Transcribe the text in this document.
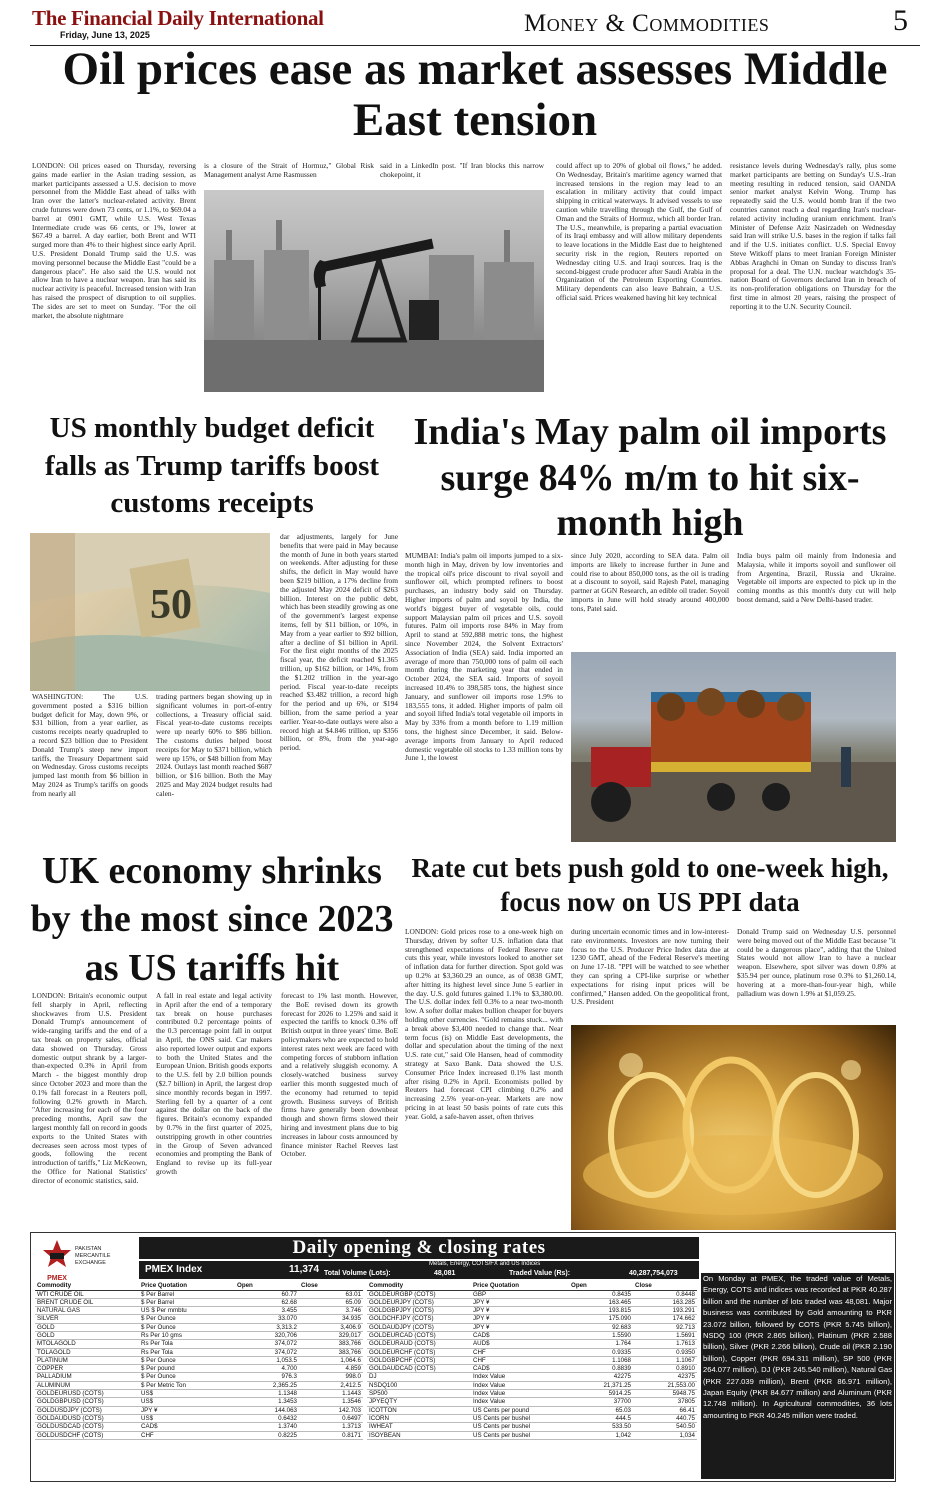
The Financial Daily International
Friday, June 13, 2025	Money & Commodities	5
Oil prices ease as market assesses Middle East tension
LONDON: Oil prices eased on Thursday, reversing gains made earlier in the Asian trading session, as market participants assessed a U.S. decision to move personnel from the Middle East ahead of talks with Iran over the latter's nuclear-related activity. Brent crude futures were down 73 cents, or 1.1%, to $69.04 a barrel at 0901 GMT, while U.S. West Texas Intermediate crude was 66 cents, or 1%, lower at $67.49 a barrel. A day earlier, both Brent and WTI surged more than 4% to their highest since early April. U.S. President Donald Trump said the U.S. was moving personnel because the Middle East "could be a dangerous place". He also said the U.S. would not allow Iran to have a nuclear weapon. Iran has said its nuclear activity is peaceful. Increased tension with Iran has raised the prospect of disruption to oil supplies. The sides are set to meet on Sunday. "For the oil market, the absolute nightmare
is a closure of the Strait of Hormuz," Global Risk Management analyst Arne Rasmussen
said in a LinkedIn post. "If Iran blocks this narrow chokepoint, it
could affect up to 20% of global oil flows," he added. On Wednesday, Britain's maritime agency warned that increased tensions in the region may lead to an escalation in military activity that could impact shipping in critical waterways. It advised vessels to use caution while travelling through the Gulf, the Gulf of Oman and the Straits of Hormuz, which all border Iran. The U.S., meanwhile, is preparing a partial evacuation of its Iraqi embassy and will allow military dependents to leave locations in the Middle East due to heightened security risk in the region, Reuters reported on Wednesday citing U.S. and Iraqi sources. Iraq is the second-biggest crude producer after Saudi Arabia in the Organization of the Petroleum Exporting Countries. Military dependents can also leave Bahrain, a U.S. official said. Prices weakened having hit key technical
resistance levels during Wednesday's rally, plus some market participants are betting on Sunday's U.S.-Iran meeting resulting in reduced tension, said OANDA senior market analyst Kelvin Wong. Trump has repeatedly said the U.S. would bomb Iran if the two countries cannot reach a deal regarding Iran's nuclear-related activity including uranium enrichment. Iran's Minister of Defense Aziz Nasirzadeh on Wednesday said Iran will strike U.S. bases in the region if talks fail and if the U.S. initiates conflict. U.S. Special Envoy Steve Witkoff plans to meet Iranian Foreign Minister Abbas Araghchi in Oman on Sunday to discuss Iran's proposal for a deal. The U.N. nuclear watchdog's 35-nation Board of Governors declared Iran in breach of its non-proliferation obligations on Thursday for the first time in almost 20 years, raising the prospect of reporting it to the U.N. Security Council.
US monthly budget deficit falls as Trump tariffs boost customs receipts
50
dar adjustments, largely for June benefits that were paid in May because the month of June in both years started on weekends. After adjusting for these shifts, the deficit in May would have been $219 billion, a 17% decline from the adjusted May 2024 deficit of $263 billion. Interest on the public debt, which has been steadily growing as one of the government's largest expense items, fell by $11 billion, or 10%, in May from a year earlier to $92 billion, after a decline of $1 billion in April. For the first eight months of the 2025 fiscal year, the deficit reached $1.365 trillion, up $162 billion, or 14%, from the $1.202 trillion in the year-ago period. Fiscal year-to-date receipts reached $3.482 trillion, a record high for the period and up 6%, or $194 billion, from the same period a year earlier. Year-to-date outlays were also a record high at $4.846 trillion, up $356 billion, or 8%, from the year-ago period.
WASHINGTON: The U.S. government posted a $316 billion budget deficit for May, down 9%, or $31 billion, from a year earlier, as customs receipts nearly quadrupled to a record $23 billion due to President Donald Trump's steep new import tariffs, the Treasury Department said on Wednesday. Gross customs receipts jumped last month from $6 billion in May 2024 as Trump's tariffs on goods from nearly all
trading partners began showing up in significant volumes in port-of-entry collections, a Treasury official said. Fiscal year-to-date customs receipts were up nearly 60% to $86 billion. The customs duties helped boost receipts for May to $371 billion, which were up 15%, or $48 billion from May 2024. Outlays last month reached $687 billion, or $16 billion. Both the May 2025 and May 2024 budget results had calen-
India's May palm oil imports surge 84% m/m to hit six-month high
MUMBAI: India's palm oil imports jumped to a six-month high in May, driven by low inventories and the tropical oil's price discount to rival soyoil and sunflower oil, which prompted refiners to boost purchases, an industry body said on Thursday. Higher imports of palm and soyoil by India, the world's biggest buyer of vegetable oils, could support Malaysian palm oil prices and U.S. soyoil futures. Palm oil imports rose 84% in May from April to stand at 592,888 metric tons, the highest since November 2024, the Solvent Extractors' Association of India (SEA) said. India imported an average of more than 750,000 tons of palm oil each month during the marketing year that ended in October 2024, the SEA said. Imports of soyoil increased 10.4% to 398,585 tons, the highest since January, and sunflower oil imports rose 1.9% to 183,555 tons, it added. Higher imports of palm oil and soyoil lifted India's total vegetable oil imports in May by 33% from a month before to 1.19 million tons, the highest since December, it said. Below-average imports from January to April reduced domestic vegetable oil stocks to 1.33 million tons by June 1, the lowest
since July 2020, according to SEA data. Palm oil imports are likely to increase further in June and could rise to about 850,000 tons, as the oil is trading at a discount to soyoil, said Rajesh Patel, managing partner at GGN Research, an edible oil trader. Soyoil imports in June will hold steady around 400,000 tons, Patel said.
India buys palm oil mainly from Indonesia and Malaysia, while it imports soyoil and sunflower oil from Argentina, Brazil, Russia and Ukraine. Vegetable oil imports are expected to pick up in the coming months as this month's duty cut will help boost demand, said a New Delhi-based trader.
UK economy shrinks by the most since 2023 as US tariffs hit
LONDON: Britain's economic output fell sharply in April, reflecting shockwaves from U.S. President Donald Trump's announcement of wide-ranging tariffs and the end of a tax break on property sales, official data showed on Thursday. Gross domestic output shrank by a larger-than-expected 0.3% in April from March - the biggest monthly drop since October 2023 and more than the 0.1% fall forecast in a Reuters poll, following 0.2% growth in March. "After increasing for each of the four preceding months, April saw the largest monthly fall on record in goods exports to the United States with decreases seen across most types of goods, following the recent introduction of tariffs," Liz McKeown, the Office for National Statistics' director of economic statistics, said.
A fall in real estate and legal activity in April after the end of a temporary tax break on house purchases contributed 0.2 percentage points of the 0.3 percentage point fall in output in April, the ONS said. Car makers also reported lower output and exports to both the United States and the European Union. British goods exports to the U.S. fell by 2.0 billion pounds ($2.7 billion) in April, the largest drop since monthly records began in 1997. Sterling fell by a quarter of a cent against the dollar on the back of the figures. Britain's economy expanded by 0.7% in the first quarter of 2025, outstripping growth in other countries in the Group of Seven advanced economies and prompting the Bank of England to revise up its full-year growth
forecast to 1% last month. However, the BoE revised down its growth forecast for 2026 to 1.25% and said it expected the tariffs to knock 0.3% off British output in three years' time. BoE policymakers who are expected to hold interest rates next week are faced with competing forces of stubborn inflation and a relatively sluggish economy. A closely-watched business survey earlier this month suggested much of the economy had returned to tepid growth. Business surveys of British firms have generally been downbeat though and shown firms slowed their hiring and investment plans due to big increases in labour costs announced by finance minister Rachel Reeves last October.
Rate cut bets push gold to one-week high, focus now on US PPI data
LONDON: Gold prices rose to a one-week high on Thursday, driven by softer U.S. inflation data that strengthened expectations of Federal Reserve rate cuts this year, while investors looked to another set of inflation data for further direction. Spot gold was up 0.2% at $3,360.29 an ounce, as of 0838 GMT, after hitting its highest level since June 5 earlier in the day. U.S. gold futures gained 1.1% to $3,380.00. The U.S. dollar index fell 0.3% to a near two-month low. A softer dollar makes bullion cheaper for buyers holding other currencies. "Gold remains stuck... with a break above $3,400 needed to change that. Near term focus (is) on Middle East developments, the dollar and speculation about the timing of the next U.S. rate cut," said Ole Hansen, head of commodity strategy at Saxo Bank. Data showed the U.S. Consumer Price Index increased 0.1% last month after rising 0.2% in April. Economists polled by Reuters had forecast CPI climbing 0.2% and increasing 2.5% year-on-year. Markets are now pricing in at least 50 basis points of rate cuts this year. Gold, a safe-haven asset, often thrives
during uncertain economic times and in low-interest-rate environments. Investors are now turning their focus to the U.S. Producer Price Index data due at 1230 GMT, ahead of the Federal Reserve's meeting on June 17-18. "PPI will be watched to see whether they can spring a CPI-like surprise or whether expectations for rising input prices will be confirmed," Hansen added. On the geopolitical front, U.S. President
Donald Trump said on Wednesday U.S. personnel were being moved out of the Middle East because "it could be a dangerous place", adding that the United States would not allow Iran to have a nuclear weapon. Elsewhere, spot silver was down 0.8% at $35.94 per ounce, platinum rose 0.3% to $1,260.14, hovering at a more-than-four-year high, while palladium was down 1.9% at $1,059.25.
PMEX
PAKISTAN
MERCANTILE
EXCHANGE
Daily opening & closing rates
PMEX Index	11,374	Metals, Energy, COTS/FX and US Indices
Total Volume (Lots):	48,081	Traded Value (Rs):	40,287,754,073
Commodity	Price Quotation	Open	Close
WTI CRUDE OIL	$ Per Barrel	60.77	63.01
BRENT CRUDE OIL	$ Per Barrel	62.68	65.09
NATURAL GAS	US $ Per mmbtu	3.455	3.746
SILVER	$ Per Ounce	33.070	34.935
GOLD	$ Per Ounce	3,313.2	3,406.9
GOLD	Rs Per 10 gms	320,706	329,017
MTOLAGOLD	Rs Per Tola	374,072	383,766
TOLAGOLD	Rs Per Tola	374,072	383,766
PLATINUM	$ Per Ounce	1,053.5	1,064.6
COPPER	$ Per pound	4.700	4.859
PALLADIUM	$ Per Ounce	976.3	998.0
ALUMINUM	$ Per Metric Ton	2,365.25	2,412.5
GOLDEURUSD (COTS)	US$	1.1348	1.1443
GOLDGBPUSD (COTS)	US$	1.3453	1.3546
GOLDUSDJPY (COTS)	JPY ¥	144.063	142.703
GOLDAUDUSD (COTS)	US$	0.6432	0.6497
GOLDUSDCAD (COTS)	CAD$	1.3740	1.3713
GOLDUSDCHF (COTS)	CHF	0.8225	0.8171
Commodity	Price Quotation	Open	Close
GOLDEURGBP (COTS)	GBP	0.8435	0.8448
GOLDEURJPY (COTS)	JPY ¥	163.465	163.285
GOLDGBPJPY (COTS)	JPY ¥	193.815	193.291
GOLDCHFJPY (COTS)	JPY ¥	175.090	174.662
GOLDAUDJPY (COTS)	JPY ¥	92.683	92.713
GOLDEURCAD (COTS)	CAD$	1.5590	1.5691
GOLDEURAUD (COTS)	AUD$	1.764	1.7613
GOLDEURCHF (COTS)	CHF	0.9335	0.9350
GOLDGBPCHF (COTS)	CHF	1.1068	1.1067
GOLDAUDCAD (COTS)	CAD$	0.8839	0.8910
DJ	Index Value	42275	42375
NSDQ100	Index Value	21,371.25	21,553.00
SP500	Index Value	5914.25	5948.75
JPYEQTY	Index Value	37700	37805
ICOTTON	US Cents per pound	65.03	66.41
ICORN	US Cents per bushel	444.5	440.75
IWHEAT	US Cents per bushel	533.50	540.50
ISOYBEAN	US Cents per bushel	1,042	1,034
On Monday at PMEX, the traded value of Metals, Energy, COTS and indices was recorded at PKR 40.287 billion and the number of lots traded was 48,081. Major business was contributed by Gold amounting to PKR 23.072 billion, followed by COTS (PKR 5.745 billion), NSDQ 100 (PKR 2.865 billion), Platinum (PKR 2.588 billion), Silver (PKR 2.266 billion), Crude oil (PKR 2.190 billion), Copper (PKR 694.311 million), SP 500 (PKR 264.077 million), DJ (PKR 245.540 million), Natural Gas (PKR 227.039 million), Brent (PKR 86.971 million), Japan Equity (PKR 84.677 million) and Aluminum (PKR 12.748 million). In Agricultural commodities, 36 lots amounting to PKR 40.245 million were traded.
